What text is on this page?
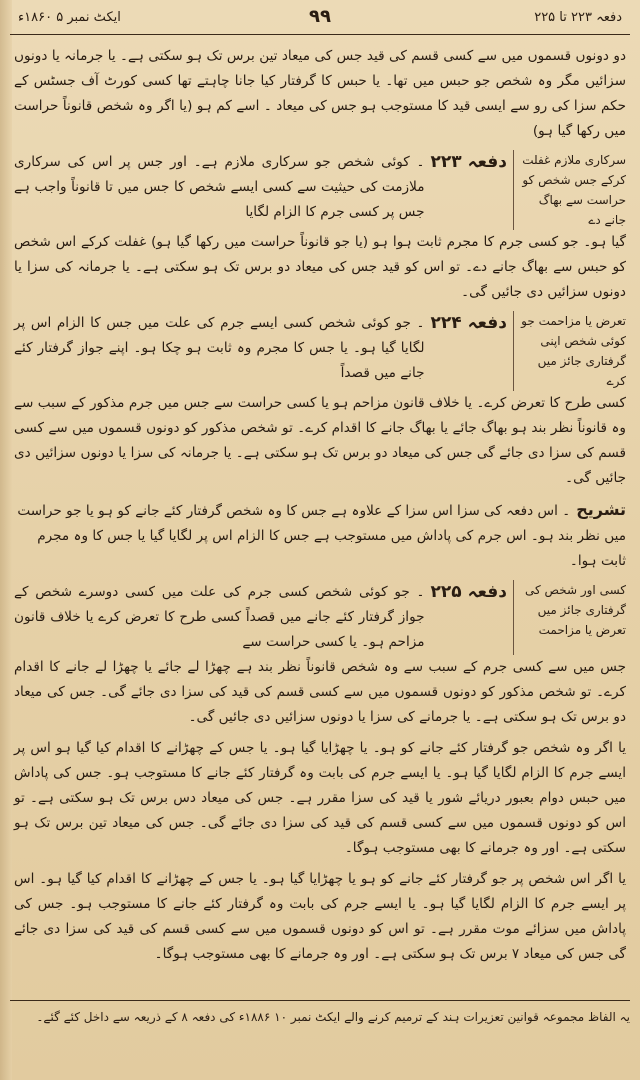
دفعہ ۲۲۳ تا ۲۲۵
۹۹
ایکٹ نمبر ۵ ۱۸۶۰ء

دو دونوں قسموں میں سے کسی قسم کی قید جس کی میعاد تین برس تک ہو سکتی ہے۔ یا جرمانہ یا دونوں سزائیں مگر وہ شخص جو حبس میں تھا۔ یا حبس کا گرفتار کیا جانا چاہتے تھا کسی کورٹ آف جسٹس کے حکم سزا کی رو سے ایسی قید کا مستوجب ہو جس کی میعاد ۔ اسے کم ہو (یا اگر وہ شخص قانوناً حراست میں رکھا گیا ہو)

سرکاری ملازم غفلت کرکے جس شخص کو حراست سے بھاگ جانے دے
دفعہ ۲۲۳
۔ کوئی شخص جو سرکاری ملازم ہے۔ اور جس پر اس کی سرکاری ملازمت کی حیثیت سے کسی ایسے شخص کا جس میں تا قانوناً واجب ہے جس پر کسی جرم کا الزام لگایا

گیا ہو۔ جو کسی جرم کا مجرم ثابت ہوا ہو (یا جو قانوناً حراست میں رکھا گیا ہو) غفلت کرکے اس شخص کو حبس سے بھاگ جانے دے۔ تو اس کو قید جس کی میعاد دو برس تک ہو سکتی ہے۔ یا جرمانہ کی سزا یا دونوں سزائیں دی جائیں گی۔

تعرض یا مزاحمت جو کوئی شخص اپنی گرفتاری جائز میں کرے
دفعہ ۲۲۴
۔ جو کوئی شخص کسی ایسے جرم کی علت میں جس کا الزام اس پر لگایا گیا ہو۔ یا جس کا مجرم وہ ثابت ہو چکا ہو۔ اپنے جواز گرفتار کئے جانے میں قصداً

کسی طرح کا تعرض کرے۔ یا خلاف قانون مزاحم ہو یا کسی حراست سے جس میں جرم مذکور کے سبب سے وہ قانوناً نظر بند ہو بھاگ جائے یا بھاگ جانے کا اقدام کرے۔ تو شخص مذکور کو دونوں قسموں میں سے کسی قسم کی سزا دی جائے گی جس کی میعاد دو برس تک ہو سکتی ہے۔ یا جرمانہ کی سزا یا دونوں سزائیں دی جائیں گی۔

تشریح۔ اس دفعہ کی سزا اس سزا کے علاوہ ہے جس کا وہ شخص گرفتار کئے جانے کو ہو یا جو حراست میں نظر بند ہو۔ اس جرم کی پاداش میں مستوجب ہے جس کا الزام اس پر لگایا گیا یا جس کا وہ مجرم ثابت ہوا۔

کسی اور شخص کی گرفتاری جائز میں تعرض یا مزاحمت
دفعہ ۲۲۵
۔ جو کوئی شخص کسی جرم کی علت میں کسی دوسرے شخص کے جواز گرفتار کئے جانے میں قصداً کسی طرح کا تعرض کرے یا خلاف قانون مزاحم ہو۔ یا کسی حراست سے

جس میں سے کسی جرم کے سبب سے وہ شخص قانوناً نظر بند ہے چھڑا لے جائے یا چھڑا لے جانے کا اقدام کرے۔ تو شخص مذکور کو دونوں قسموں میں سے کسی قسم کی قید کی سزا دی جائے گی۔ جس کی میعاد دو برس تک ہو سکتی ہے۔ یا جرمانے کی سزا یا دونوں سزائیں دی جائیں گی۔

یا اگر وہ شخص جو گرفتار کئے جانے کو ہو۔ یا چھڑایا گیا ہو۔ یا جس کے چھڑانے کا اقدام کیا گیا ہو اس پر ایسے جرم کا الزام لگایا گیا ہو۔ یا ایسے جرم کی بابت وہ گرفتار کئے جانے کا مستوجب ہو۔ جس کی پاداش میں حبس دوام بعبور دریائے شور یا قید کی سزا مقرر ہے۔ جس کی میعاد دس برس تک ہو سکتی ہے۔ تو اس کو دونوں قسموں میں سے کسی قسم کی قید کی سزا دی جائے گی۔ جس کی میعاد تین برس تک ہو سکتی ہے۔ اور وہ جرمانے کا بھی مستوجب ہوگا۔

یا اگر اس شخص پر جو گرفتار کئے جانے کو ہو یا چھڑایا گیا ہو۔ یا جس کے چھڑانے کا اقدام کیا گیا ہو۔ اس پر ایسے جرم کا الزام لگایا گیا ہو۔ یا ایسے جرم کی بابت وہ گرفتار کئے جانے کا مستوجب ہو۔ جس کی پاداش میں سزائے موت مقرر ہے۔ تو اس کو دونوں قسموں میں سے کسی قسم کی قید کی سزا دی جائے گی جس کی میعاد ۷ برس تک ہو سکتی ہے۔ اور وہ جرمانے کا بھی مستوجب ہوگا۔

یہ الفاظ مجموعہ قوانین تعزیرات ہند کے ترمیم کرنے والے ایکٹ نمبر ۱۰ ۱۸۸۶ء کی دفعہ ۸ کے ذریعہ سے داخل کئے گئے۔
